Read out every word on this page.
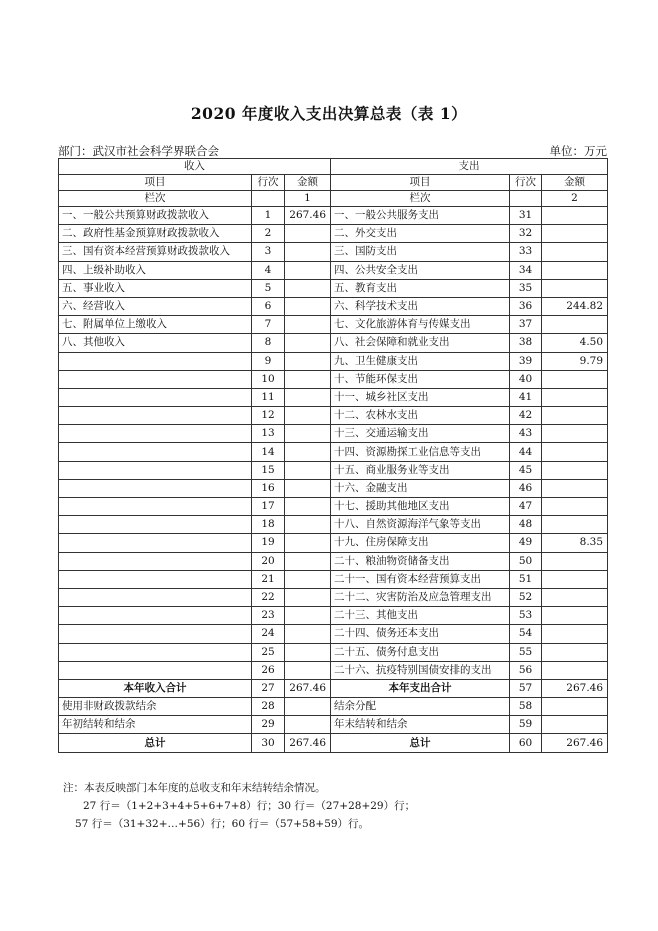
2020 年度收入支出决算总表（表 1）
部门：武汉市社会科学界联合会	单位：万元
收入			支出		
项目	行次	金额	项目	行次	金额
栏次		1	栏次		2
一、一般公共预算财政拨款收入	1	267.46	一、一般公共服务支出	31	
二、政府性基金预算财政拨款收入	2		二、外交支出	32	
三、国有资本经营预算财政拨款收入	3		三、国防支出	33	
四、上级补助收入	4		四、公共安全支出	34	
五、事业收入	5		五、教育支出	35	
六、经营收入	6		六、科学技术支出	36	244.82
七、附属单位上缴收入	7		七、文化旅游体育与传媒支出	37	
八、其他收入	8		八、社会保障和就业支出	38	4.50
	9		九、卫生健康支出	39	9.79
	10		十、节能环保支出	40	
	11		十一、城乡社区支出	41	
	12		十二、农林水支出	42	
	13		十三、交通运输支出	43	
	14		十四、资源勘探工业信息等支出	44	
	15		十五、商业服务业等支出	45	
	16		十六、金融支出	46	
	17		十七、援助其他地区支出	47	
	18		十八、自然资源海洋气象等支出	48	
	19		十九、住房保障支出	49	8.35
	20		二十、粮油物资储备支出	50	
	21		二十一、国有资本经营预算支出	51	
	22		二十二、灾害防治及应急管理支出	52	
	23		二十三、其他支出	53	
	24		二十四、债务还本支出	54	
	25		二十五、债务付息支出	55	
	26		二十六、抗疫特别国债安排的支出	56	
本年收入合计	27	267.46	本年支出合计	57	267.46
使用非财政拨款结余	28		结余分配	58	
年初结转和结余	29		年末结转和结余	59	
总计	30	267.46	总计	60	267.46
注：本表反映部门本年度的总收支和年末结转结余情况。
27 行＝（1+2+3+4+5+6+7+8）行；30 行＝（27+28+29）行；
57 行＝（31+32+…+56）行；60 行＝（57+58+59）行。
